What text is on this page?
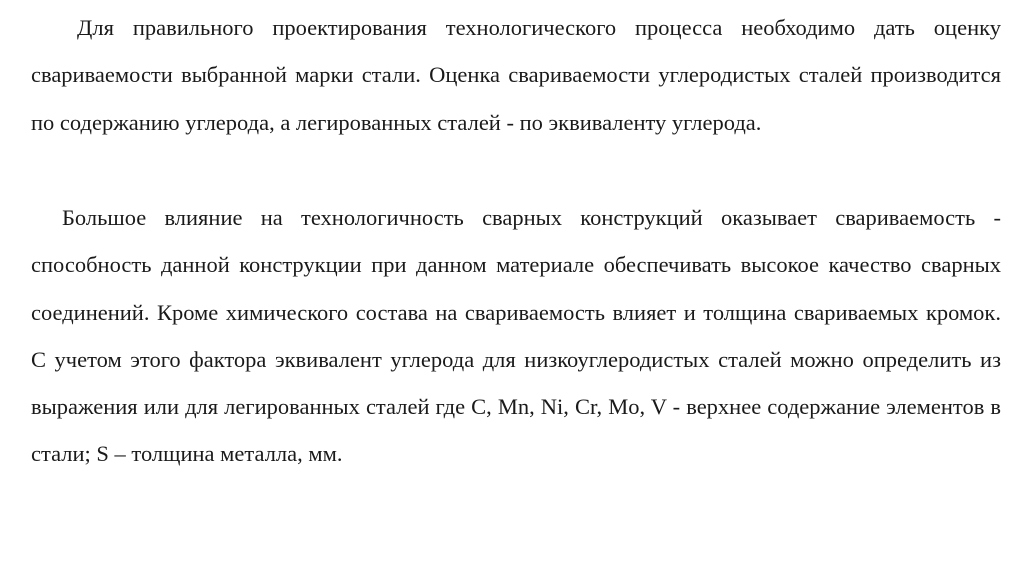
Для правильного проектирования технологического процесса необходимо дать оценку свариваемости выбранной марки стали. Оценка свариваемости углеродистых сталей производится по содержанию углерода, а легированных сталей - по эквиваленту углерода.

Большое влияние на технологичность сварных конструкций оказывает свариваемость - способность данной конструкции при данном материале обеспечивать высокое качество сварных соединений. Кроме химического состава на свариваемость влияет и толщина свариваемых кромок. С учетом этого фактора эквивалент углерода для низкоуглеродистых сталей можно определить из выражения или для легированных сталей где C, Mn, Ni, Cr, Mo, V - верхнее содержание элементов в стали; S – толщина металла, мм.
